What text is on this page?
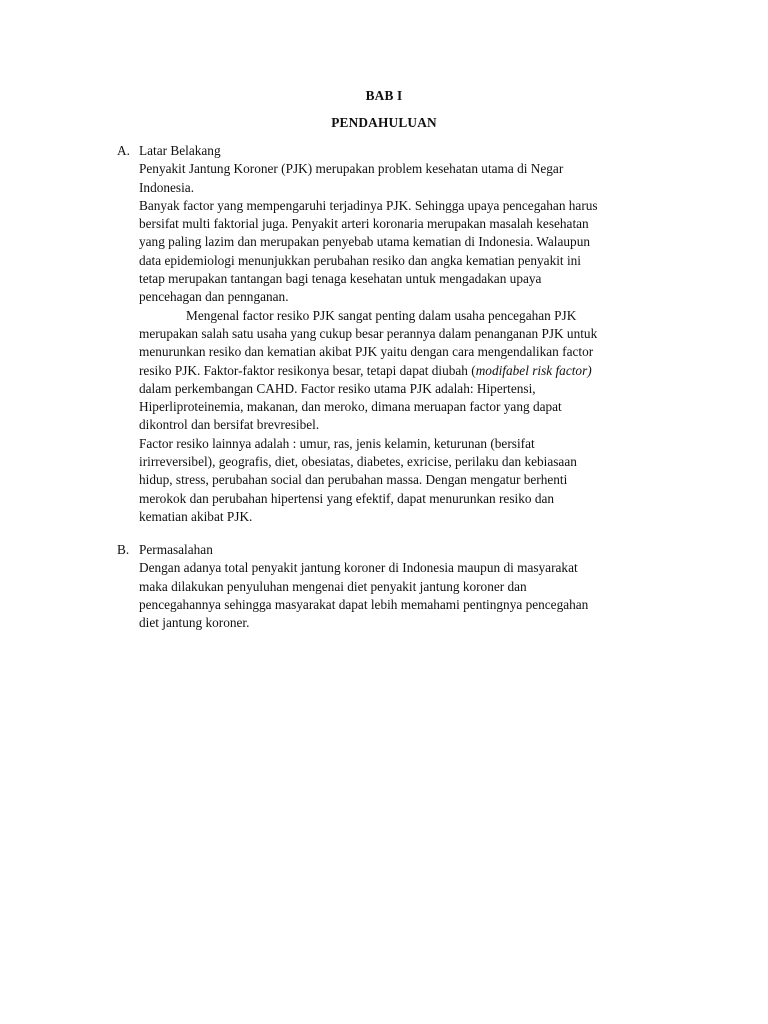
BAB I
PENDAHULUAN
A. Latar Belakang
Penyakit Jantung Koroner (PJK) merupakan problem kesehatan utama di Negar
Indonesia.
Banyak factor yang mempengaruhi terjadinya PJK. Sehingga upaya pencegahan harus
bersifat multi faktorial juga. Penyakit arteri koronaria merupakan masalah kesehatan
yang paling lazim dan merupakan penyebab utama kematian di Indonesia. Walaupun
data epidemiologi menunjukkan perubahan resiko dan angka kematian penyakit ini
tetap merupakan tantangan bagi tenaga kesehatan untuk mengadakan upaya
pencehagan dan pennganan.
Mengenal factor resiko PJK sangat penting dalam usaha pencegahan PJK
merupakan salah satu usaha yang cukup besar perannya dalam penanganan PJK untuk
menurunkan resiko dan kematian akibat PJK yaitu dengan cara mengendalikan factor
resiko PJK. Faktor-faktor resikonya besar, tetapi dapat diubah (modifabel risk factor)
dalam perkembangan CAHD. Factor resiko utama PJK adalah: Hipertensi,
Hiperliproteinemia, makanan, dan meroko, dimana meruapan factor yang dapat
dikontrol dan bersifat brevresibel.
Factor resiko lainnya adalah : umur, ras, jenis kelamin, keturunan (bersifat
irirreversibel), geografis, diet, obesiatas, diabetes, exricise, perilaku dan kebiasaan
hidup, stress, perubahan social dan perubahan massa. Dengan mengatur berhenti
merokok dan perubahan hipertensi yang efektif, dapat menurunkan resiko dan
kematian akibat PJK.
B. Permasalahan
Dengan adanya total penyakit jantung koroner di Indonesia maupun di masyarakat
maka dilakukan penyuluhan mengenai diet penyakit jantung koroner dan
pencegahannya sehingga masyarakat dapat lebih memahami pentingnya pencegahan
diet jantung koroner.
